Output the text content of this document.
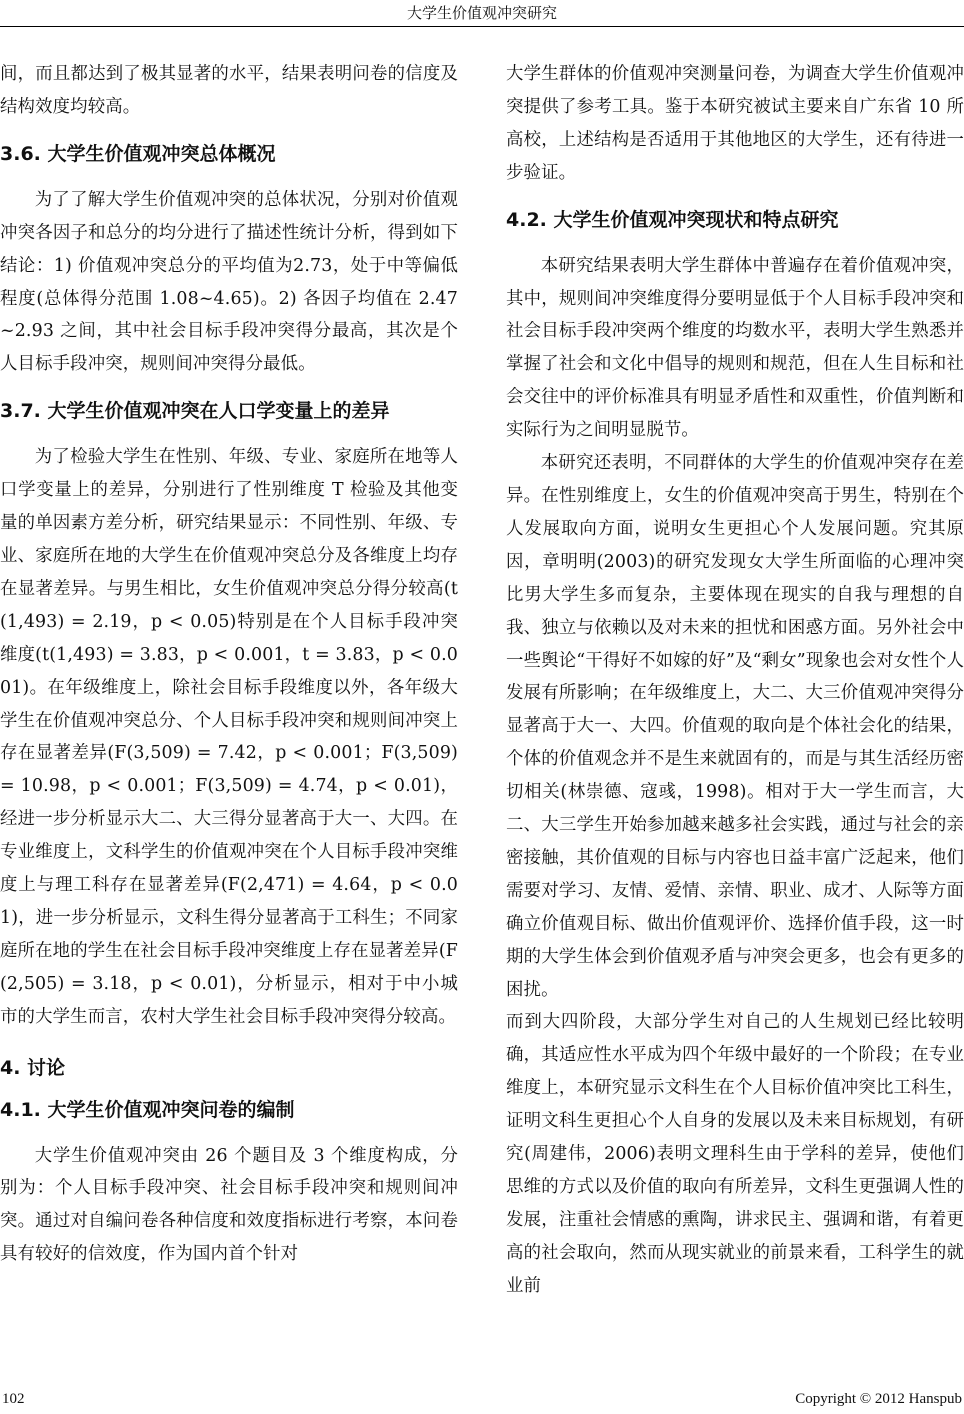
大学生价值观冲突研究

间，而且都达到了极其显著的水平，结果表明问卷的信度及结构效度均较高。

3.6. 大学生价值观冲突总体概况

为了了解大学生价值观冲突的总体状况，分别对价值观冲突各因子和总分的均分进行了描述性统计分析，得到如下结论：1) 价值观冲突总分的平均值为2.73，处于中等偏低程度(总体得分范围 1.08~4.65)。2) 各因子均值在 2.47~2.93 之间，其中社会目标手段冲突得分最高，其次是个人目标手段冲突，规则间冲突得分最低。

3.7. 大学生价值观冲突在人口学变量上的差异

为了检验大学生在性别、年级、专业、家庭所在地等人口学变量上的差异，分别进行了性别维度 T 检验及其他变量的单因素方差分析，研究结果显示：不同性别、年级、专业、家庭所在地的大学生在价值观冲突总分及各维度上均存在显著差异。与男生相比，女生价值观冲突总分得分较高(t(1,493) = 2.19，p < 0.05)特别是在个人目标手段冲突维度(t(1,493) = 3.83，p < 0.001，t = 3.83，p < 0.001)。在年级维度上，除社会目标手段维度以外，各年级大学生在价值观冲突总分、个人目标手段冲突和规则间冲突上存在显著差异(F(3,509) = 7.42，p < 0.001；F(3,509) = 10.98，p < 0.001；F(3,509) = 4.74，p < 0.01)，经进一步分析显示大二、大三得分显著高于大一、大四。在专业维度上，文科学生的价值观冲突在个人目标手段冲突维度上与理工科存在显著差异(F(2,471) = 4.64，p < 0.01)，进一步分析显示，文科生得分显著高于工科生；不同家庭所在地的学生在社会目标手段冲突维度上存在显著差异(F(2,505) = 3.18，p < 0.01)，分析显示，相对于中小城市的大学生而言，农村大学生社会目标手段冲突得分较高。

4. 讨论
4.1. 大学生价值观冲突问卷的编制

大学生价值观冲突由 26 个题目及 3 个维度构成，分别为：个人目标手段冲突、社会目标手段冲突和规则间冲突。通过对自编问卷各种信度和效度指标进行考察，本问卷具有较好的信效度，作为国内首个针对

大学生群体的价值观冲突测量问卷，为调查大学生价值观冲突提供了参考工具。鉴于本研究被试主要来自广东省 10 所高校，上述结构是否适用于其他地区的大学生，还有待进一步验证。

4.2. 大学生价值观冲突现状和特点研究

本研究结果表明大学生群体中普遍存在着价值观冲突，其中，规则间冲突维度得分要明显低于个人目标手段冲突和社会目标手段冲突两个维度的均数水平，表明大学生熟悉并掌握了社会和文化中倡导的规则和规范，但在人生目标和社会交往中的评价标准具有明显矛盾性和双重性，价值判断和实际行为之间明显脱节。

本研究还表明，不同群体的大学生的价值观冲突存在差异。在性别维度上，女生的价值观冲突高于男生，特别在个人发展取向方面，说明女生更担心个人发展问题。究其原因，章明明(2003)的研究发现女大学生所面临的心理冲突比男大学生多而复杂，主要体现在现实的自我与理想的自我、独立与依赖以及对未来的担忧和困惑方面。另外社会中一些舆论“干得好不如嫁的好”及“剩女”现象也会对女性个人发展有所影响；在年级维度上，大二、大三价值观冲突得分显著高于大一、大四。价值观的取向是个体社会化的结果，个体的价值观念并不是生来就固有的，而是与其生活经历密切相关(林崇德、寇彧，1998)。相对于大一学生而言，大二、大三学生开始参加越来越多社会实践，通过与社会的亲密接触，其价值观的目标与内容也日益丰富广泛起来，他们需要对学习、友情、爱情、亲情、职业、成才、人际等方面确立价值观目标、做出价值观评价、选择价值手段，这一时期的大学生体会到价值观矛盾与冲突会更多，也会有更多的困扰。

而到大四阶段，大部分学生对自己的人生规划已经比较明确，其适应性水平成为四个年级中最好的一个阶段；在专业维度上，本研究显示文科生在个人目标价值冲突比工科生，证明文科生更担心个人自身的发展以及未来目标规划，有研究(周建伟，2006)表明文理科生由于学科的差异，使他们思维的方式以及价值的取向有所差异，文科生更强调人性的发展，注重社会情感的熏陶，讲求民主、强调和谐，有着更高的社会取向，然而从现实就业的前景来看，工科学生的就业前

102	Copyright © 2012 Hanspub
